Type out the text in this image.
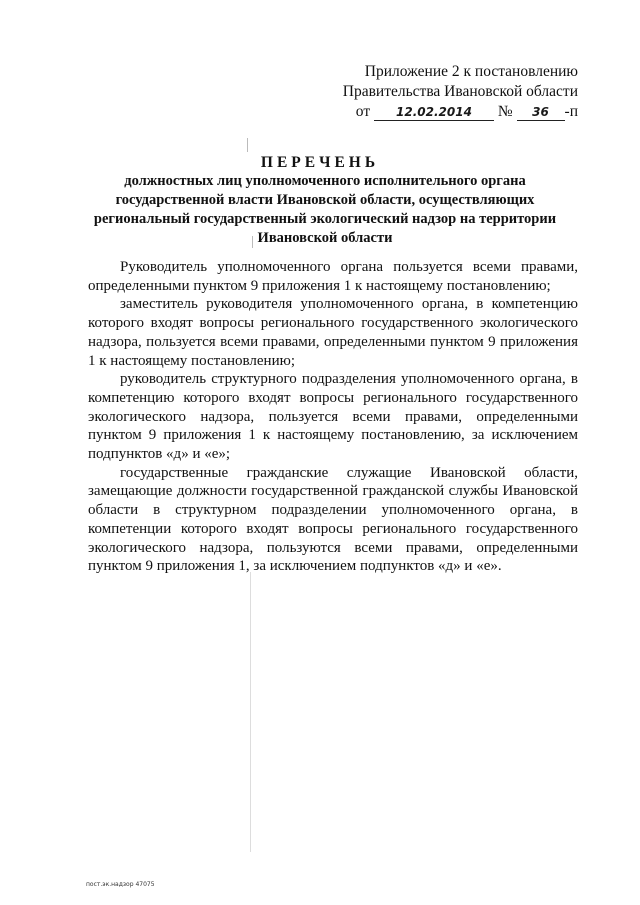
Приложение 2 к постановлению
Правительства Ивановской области
от 12.02.2014 № 36 -п
ПЕРЕЧЕНЬ
должностных лиц уполномоченного исполнительного органа
государственной власти Ивановской области, осуществляющих
региональный государственный экологический надзор на территории
Ивановской области

Руководитель уполномоченного органа пользуется всеми правами, определенными пунктом 9 приложения 1 к настоящему постановлению;

заместитель руководителя уполномоченного органа, в компетенцию которого входят вопросы регионального государственного экологического надзора, пользуется всеми правами, определенными пунктом 9 приложения 1 к настоящему постановлению;

руководитель структурного подразделения уполномоченного органа, в компетенцию которого входят вопросы регионального государственного экологического надзора, пользуется всеми правами, определенными пунктом 9 приложения 1 к настоящему постановлению, за исключением подпунктов «д» и «е»;

государственные гражданские служащие Ивановской области, замещающие должности государственной гражданской службы Ивановской области в структурном подразделении уполномоченного органа, в компетенции которого входят вопросы регионального государственного экологического надзора, пользуются всеми правами, определенными пунктом 9 приложения 1, за исключением подпунктов «д» и «е».

пост.эк.надзор 47075
